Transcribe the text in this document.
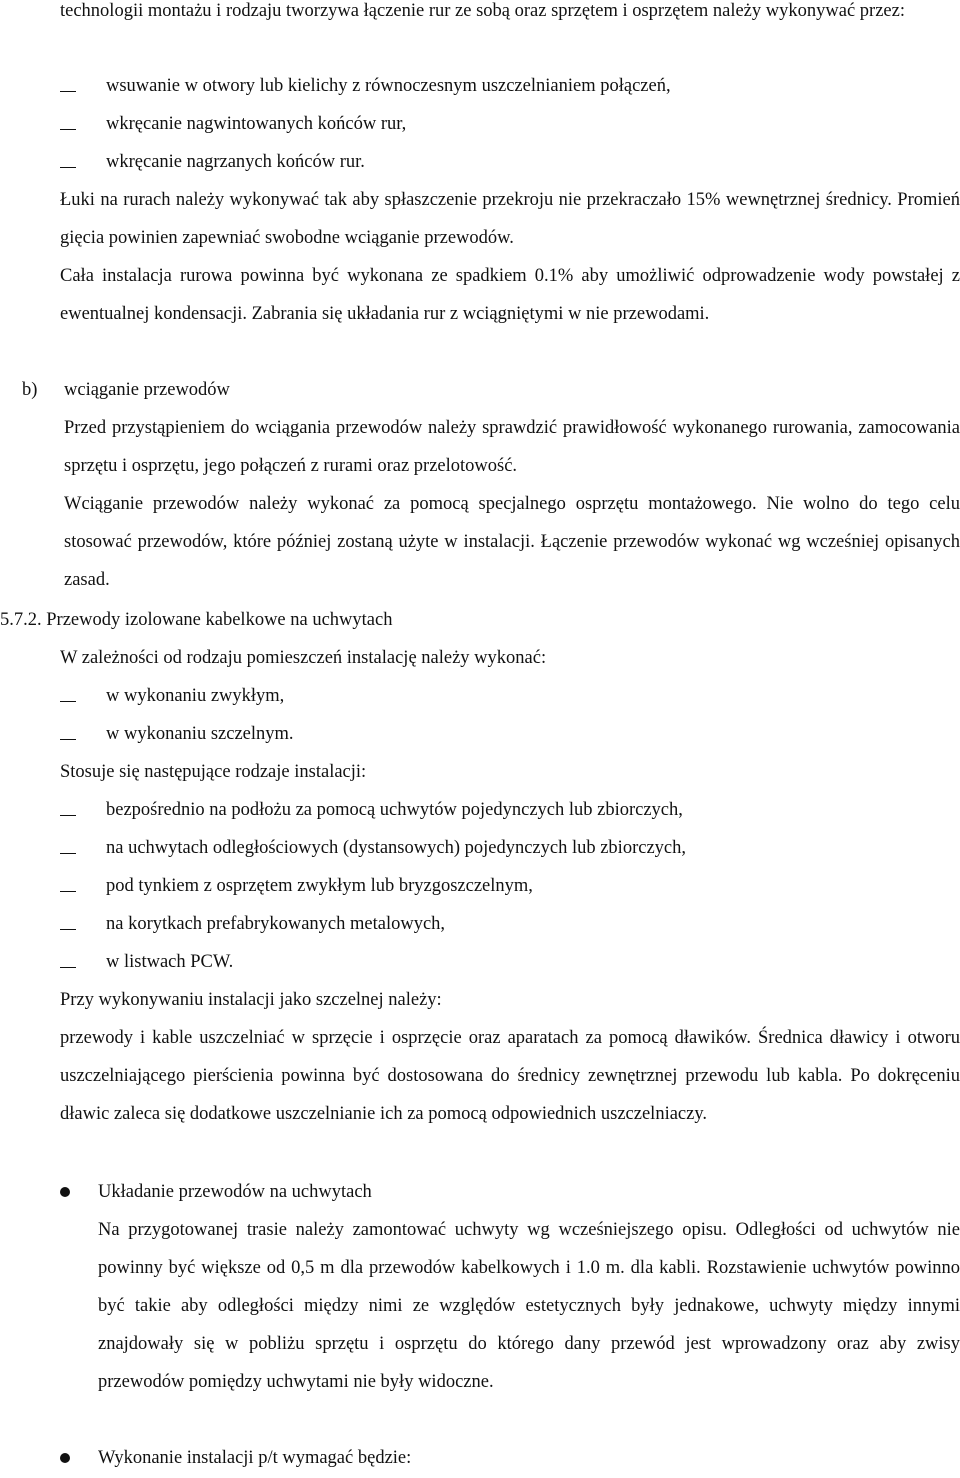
technologii montażu i rodzaju tworzywa łączenie rur ze sobą oraz sprzętem i osprzętem należy wykonywać przez:
wsuwanie w otwory lub kielichy z równoczesnym uszczelnianiem połączeń,
wkręcanie nagwintowanych końców rur,
wkręcanie nagrzanych końców rur.
Łuki na rurach należy wykonywać tak aby spłaszczenie przekroju nie przekraczało 15% wewnętrznej średnicy. Promień gięcia powinien zapewniać swobodne wciąganie przewodów.
Cała instalacja rurowa powinna być wykonana ze spadkiem 0.1% aby umożliwić odprowadzenie wody powstałej z ewentualnej kondensacji. Zabrania się układania rur z wciągniętymi w nie przewodami.
b) wciąganie przewodów
Przed przystąpieniem do wciągania przewodów należy sprawdzić prawidłowość wykonanego rurowania, zamocowania sprzętu i osprzętu, jego połączeń z rurami oraz przelotowość.
Wciąganie przewodów należy wykonać za pomocą specjalnego osprzętu montażowego. Nie wolno do tego celu stosować przewodów, które później zostaną użyte w instalacji. Łączenie przewodów wykonać wg wcześniej opisanych zasad.
5.7.2. Przewody izolowane kabelkowe na uchwytach
W zależności od rodzaju pomieszczeń instalację należy wykonać:
w wykonaniu zwykłym,
w wykonaniu szczelnym.
Stosuje się następujące rodzaje instalacji:
bezpośrednio na podłożu za pomocą uchwytów pojedynczych lub zbiorczych,
na uchwytach odległościowych (dystansowych) pojedynczych lub zbiorczych,
pod tynkiem z osprzętem zwykłym lub bryzgoszczelnym,
na korytkach prefabrykowanych metalowych,
w listwach PCW.
Przy wykonywaniu instalacji jako szczelnej należy:
przewody i kable uszczelniać w sprzęcie i osprzęcie oraz aparatach za pomocą dławików. Średnica dławicy i otworu uszczelniającego pierścienia powinna być dostosowana do średnicy zewnętrznej przewodu lub kabla. Po dokręceniu dławic zaleca się dodatkowe uszczelnianie ich za pomocą odpowiednich uszczelniaczy.
Układanie przewodów na uchwytach
Na przygotowanej trasie należy zamontować uchwyty wg wcześniejszego opisu. Odległości od uchwytów nie powinny być większe od 0,5 m dla przewodów kabelkowych i 1.0 m. dla kabli. Rozstawienie uchwytów powinno być takie aby odległości między nimi ze względów estetycznych były jednakowe, uchwyty między innymi znajdowały się w pobliżu sprzętu i osprzętu do którego dany przewód jest wprowadzony oraz aby zwisy przewodów pomiędzy uchwytami nie były widoczne.
Wykonanie instalacji p/t wymagać będzie:
